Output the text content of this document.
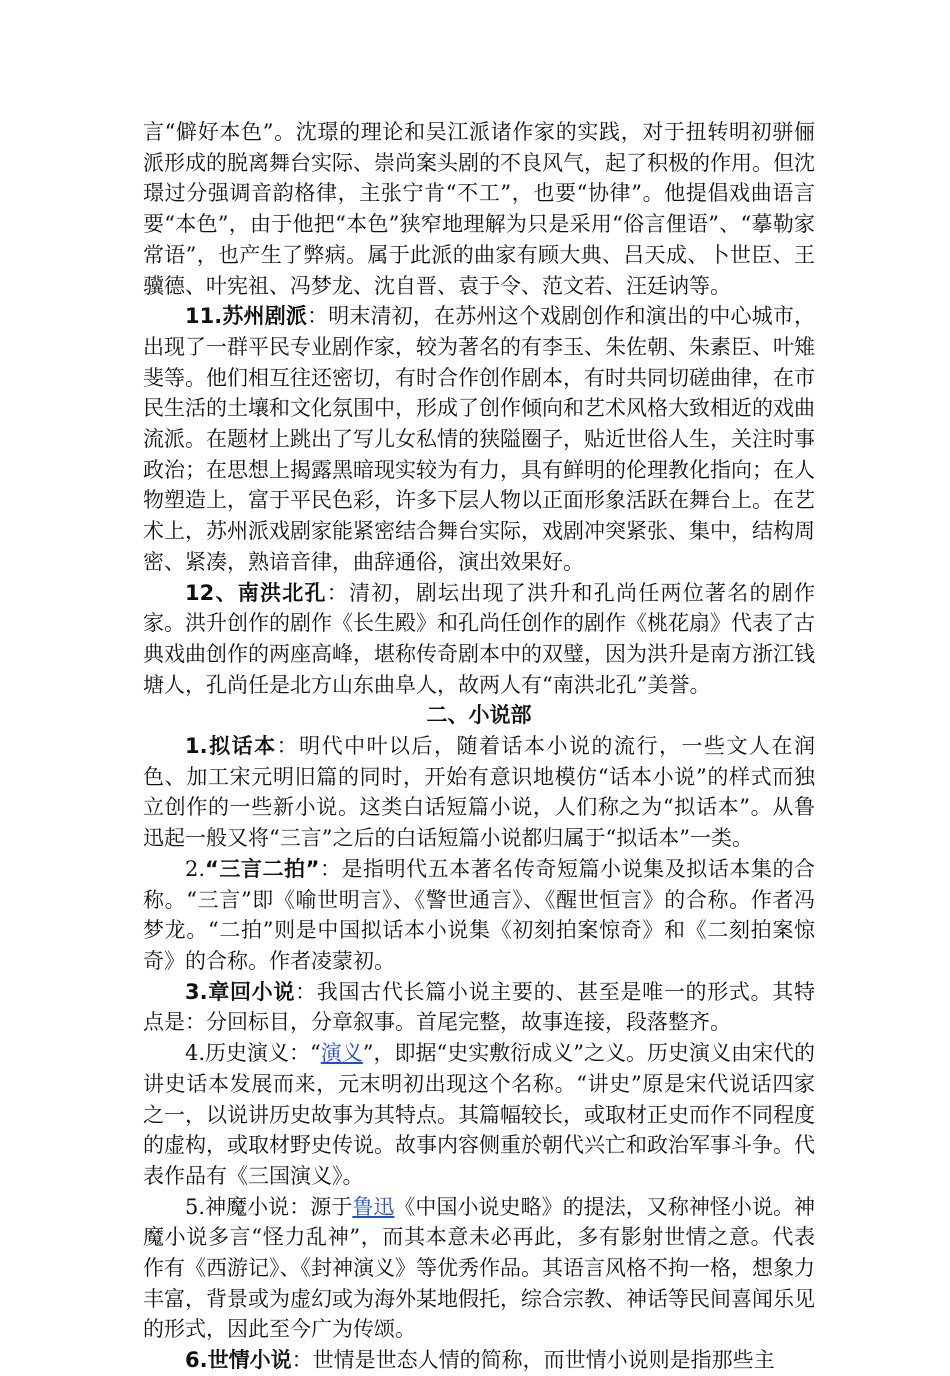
言“僻好本色”。沈璟的理论和吴江派诸作家的实践，对于扭转明初骈俪派形成的脱离舞台实际、崇尚案头剧的不良风气，起了积极的作用。但沈璟过分强调音韵格律，主张宁肯“不工”，也要“协律”。他提倡戏曲语言要“本色”，由于他把“本色”狭窄地理解为只是采用“俗言俚语”、“摹勒家常语”，也产生了弊病。属于此派的曲家有顾大典、吕天成、卜世臣、王骥德、叶宪祖、冯梦龙、沈自晋、袁于令、范文若、汪廷讷等。

11.苏州剧派：明末清初，在苏州这个戏剧创作和演出的中心城市，出现了一群平民专业剧作家，较为著名的有李玉、朱佐朝、朱素臣、叶雉斐等。他们相互往还密切，有时合作创作剧本，有时共同切磋曲律，在市民生活的土壤和文化氛围中，形成了创作倾向和艺术风格大致相近的戏曲流派。在题材上跳出了写儿女私情的狭隘圈子，贴近世俗人生，关注时事政治；在思想上揭露黑暗现实较为有力，具有鲜明的伦理教化指向；在人物塑造上，富于平民色彩，许多下层人物以正面形象活跃在舞台上。在艺术上，苏州派戏剧家能紧密结合舞台实际，戏剧冲突紧张、集中，结构周密、紧凑，熟谙音律，曲辞通俗，演出效果好。

12、南洪北孔：清初，剧坛出现了洪升和孔尚任两位著名的剧作家。洪升创作的剧作《长生殿》和孔尚任创作的剧作《桃花扇》代表了古典戏曲创作的两座高峰，堪称传奇剧本中的双璧，因为洪升是南方浙江钱塘人，孔尚任是北方山东曲阜人，故两人有“南洪北孔”美誉。

二、小说部

1.拟话本：明代中叶以后，随着话本小说的流行，一些文人在润色、加工宋元明旧篇的同时，开始有意识地模仿“话本小说”的样式而独立创作的一些新小说。这类白话短篇小说，人们称之为“拟话本”。从鲁迅起一般又将“三言”之后的白话短篇小说都归属于“拟话本”一类。

2.“三言二拍”：是指明代五本著名传奇短篇小说集及拟话本集的合称。“三言”即《喻世明言》、《警世通言》、《醒世恒言》的合称。作者冯梦龙。“二拍”则是中国拟话本小说集《初刻拍案惊奇》和《二刻拍案惊奇》的合称。作者凌蒙初。

3.章回小说：我国古代长篇小说主要的、甚至是唯一的形式。其特点是：分回标目，分章叙事。首尾完整，故事连接，段落整齐。

4.历史演义：“演义”，即据“史实敷衍成义”之义。历史演义由宋代的讲史话本发展而来，元末明初出现这个名称。“讲史”原是宋代说话四家之一，以说讲历史故事为其特点。其篇幅较长，或取材正史而作不同程度的虚构，或取材野史传说。故事内容侧重於朝代兴亡和政治军事斗争。代表作品有《三国演义》。

5.神魔小说：源于鲁迅《中国小说史略》的提法，又称神怪小说。神魔小说多言“怪力乱神”，而其本意未必再此，多有影射世情之意。代表作有《西游记》、《封神演义》等优秀作品。其语言风格不拘一格，想象力丰富，背景或为虚幻或为海外某地假托，综合宗教、神话等民间喜闻乐见的形式，因此至今广为传颂。

6.世情小说：世情是世态人情的简称，而世情小说则是指那些主
